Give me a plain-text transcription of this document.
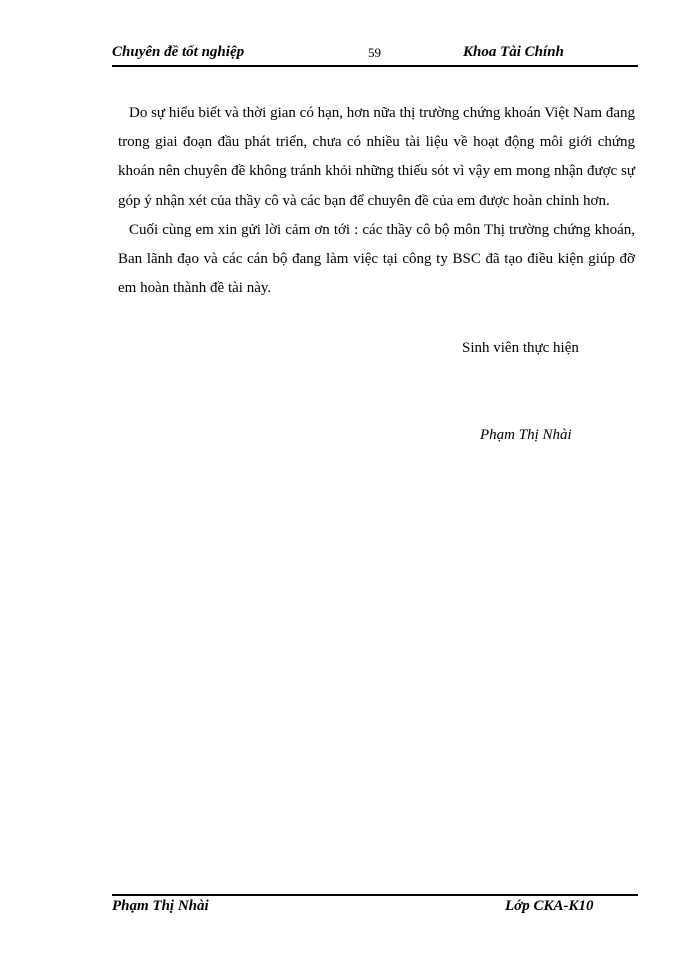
Chuyên đề tốt nghiệp	59	Khoa Tài Chính

Do sự hiểu biết và thời gian có hạn, hơn nữa thị trường chứng khoán Việt Nam đang trong giai đoạn đầu phát triển, chưa có nhiều tài liệu về hoạt động môi giới chứng khoán nên chuyên đề không tránh khỏi những thiếu sót vì vậy em mong nhận được sự góp ý nhận xét của thầy cô và các bạn để chuyên đề của em được hoàn chỉnh hơn.

Cuối cùng em xin gửi lời cảm ơn tới : các thầy cô bộ môn Thị trường chứng khoán, Ban lãnh đạo và các cán bộ đang làm việc tại công ty BSC đã tạo điều kiện giúp đỡ em hoàn thành đề tài này.

Sinh viên thực hiện
Phạm Thị Nhài
Phạm Thị Nhài	Lớp CKA-K10
